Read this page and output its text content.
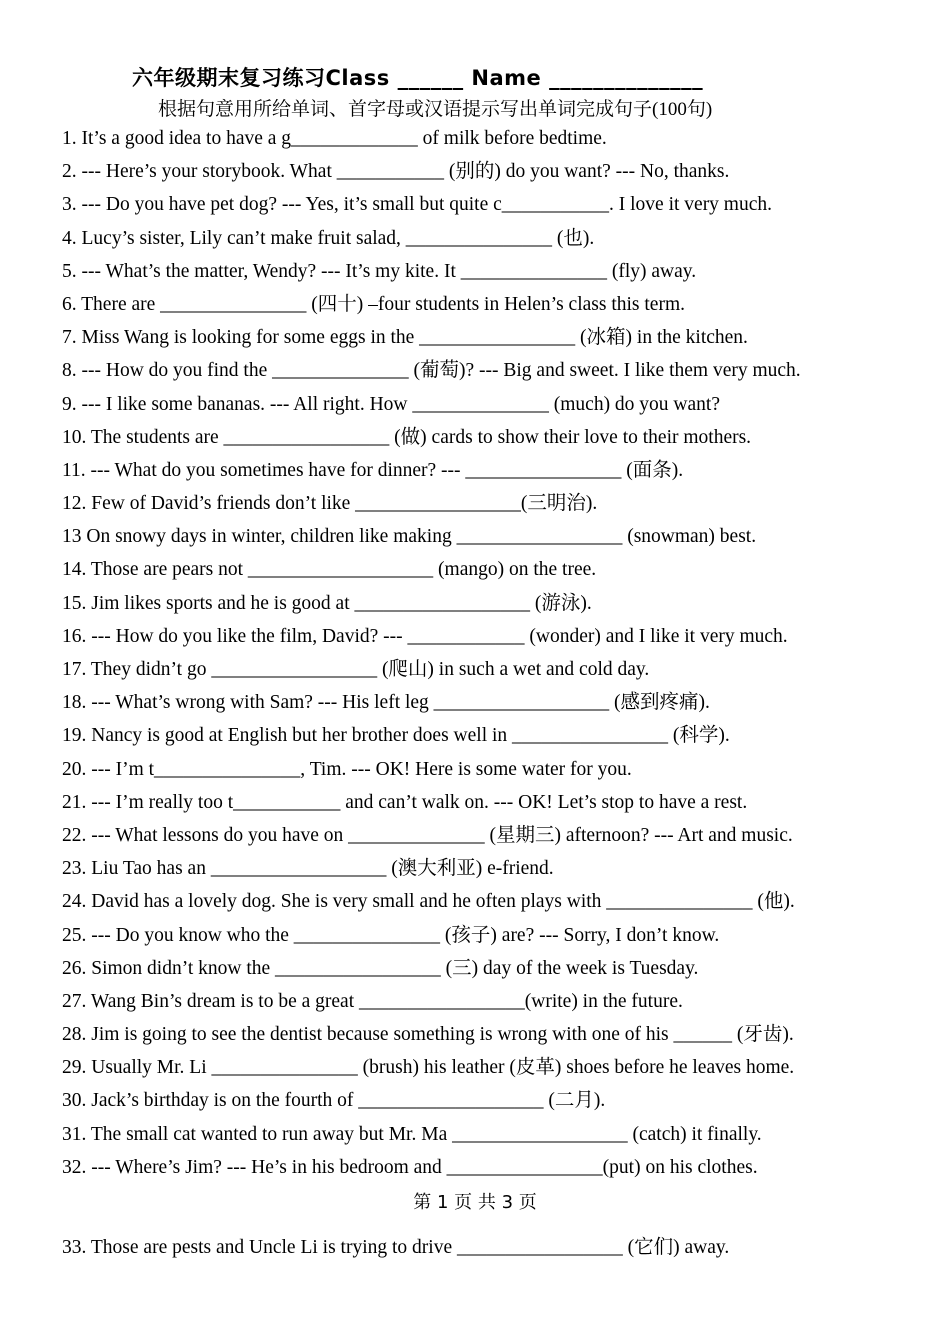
六年级期末复习练习Class ______ Name ______________
根据句意用所给单词、首字母或汉语提示写出单词完成句子(100句)
1. It’s a good idea to have a g_____________ of milk before bedtime.
2. --- Here’s your storybook. What ___________ (别的) do you want? --- No, thanks.
3. --- Do you have pet dog? --- Yes, it’s small but quite c___________. I love it very much.
4. Lucy’s sister, Lily can’t make fruit salad, _______________ (也).
5. --- What’s the matter, Wendy? --- It’s my kite. It _______________ (fly) away.
6. There are _______________ (四十) –four students in Helen’s class this term.
7. Miss Wang is looking for some eggs in the ________________ (冰箱) in the kitchen.
8. --- How do you find the ______________ (葡萄)? --- Big and sweet. I like them very much.
9. --- I like some bananas. --- All right. How ______________ (much) do you want?
10. The students are _________________ (做) cards to show their love to their mothers.
11. --- What do you sometimes have for dinner? --- ________________ (面条).
12. Few of David’s friends don’t like _________________(三明治).
13 On snowy days in winter, children like making _________________ (snowman) best.
14. Those are pears not ___________________ (mango) on the tree.
15. Jim likes sports and he is good at __________________ (游泳).
16. --- How do you like the film, David? --- ____________ (wonder) and I like it very much.
17. They didn’t go _________________ (爬山) in such a wet and cold day.
18. --- What’s wrong with Sam? --- His left leg __________________ (感到疼痛).
19. Nancy is good at English but her brother does well in ________________ (科学).
20. --- I’m t_______________, Tim. --- OK! Here is some water for you.
21. --- I’m really too t___________ and can’t walk on. --- OK! Let’s stop to have a rest.
22. --- What lessons do you have on ______________ (星期三) afternoon? --- Art and music.
23. Liu Tao has an __________________ (澳大利亚) e-friend.
24. David has a lovely dog. She is very small and he often plays with _______________ (他).
25. --- Do you know who the _______________ (孩子) are? --- Sorry, I don’t know.
26. Simon didn’t know the _________________ (三) day of the week is Tuesday.
27. Wang Bin’s dream is to be a great _________________(write) in the future.
28. Jim is going to see the dentist because something is wrong with one of his ______ (牙齿).
29. Usually Mr. Li _______________ (brush) his leather (皮革) shoes before he leaves home.
30. Jack’s birthday is on the fourth of ___________________ (二月).
31. The small cat wanted to run away but Mr. Ma __________________ (catch) it finally.
32. --- Where’s Jim? --- He’s in his bedroom and ________________(put) on his clothes.
第 1 页 共 3 页
33. Those are pests and Uncle Li is trying to drive _________________ (它们) away.
